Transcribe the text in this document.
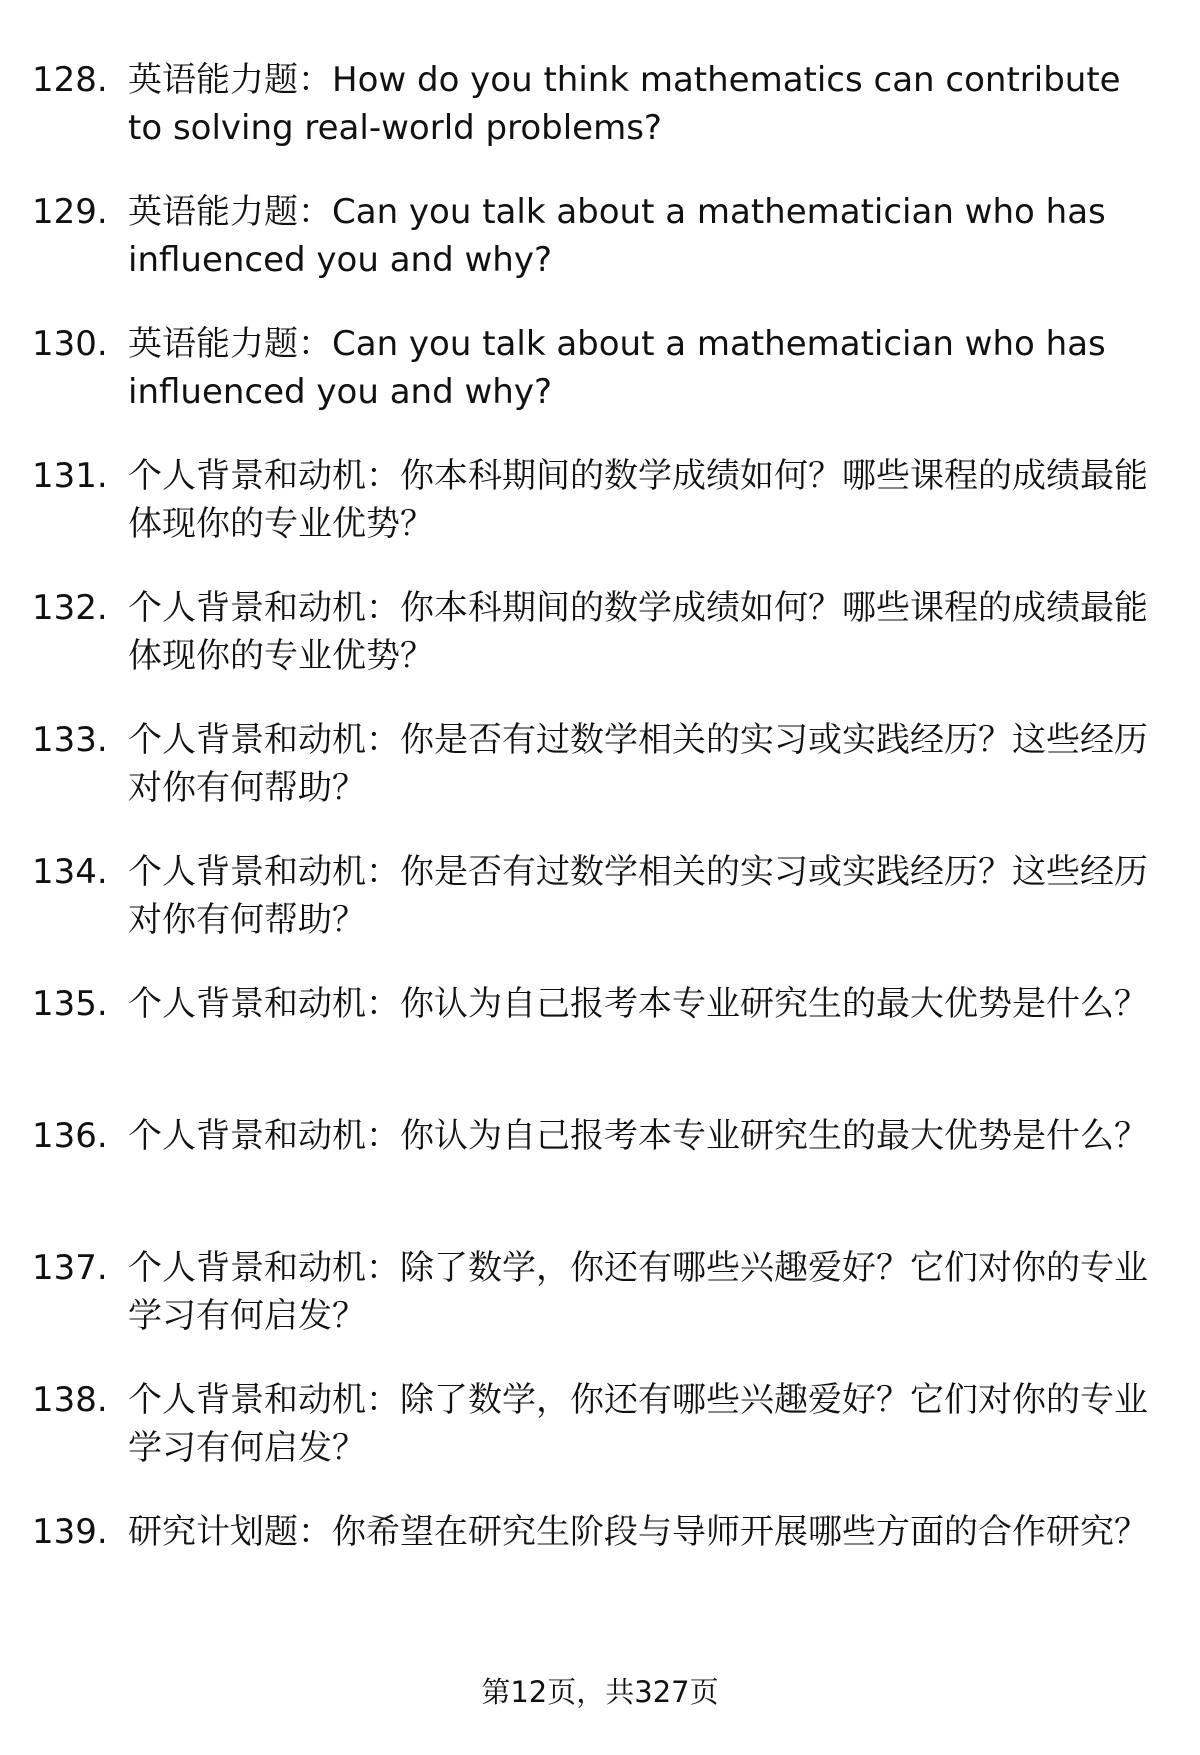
128. 英语能力题：How do you think mathematics can contribute to solving real-world problems?
129. 英语能力题：Can you talk about a mathematician who has influenced you and why?
130. 英语能力题：Can you talk about a mathematician who has influenced you and why?
131. 个人背景和动机：你本科期间的数学成绩如何？哪些课程的成绩最能体现你的专业优势？
132. 个人背景和动机：你本科期间的数学成绩如何？哪些课程的成绩最能体现你的专业优势？
133. 个人背景和动机：你是否有过数学相关的实习或实践经历？这些经历对你有何帮助？
134. 个人背景和动机：你是否有过数学相关的实习或实践经历？这些经历对你有何帮助？
135. 个人背景和动机：你认为自己报考本专业研究生的最大优势是什么？
136. 个人背景和动机：你认为自己报考本专业研究生的最大优势是什么？
137. 个人背景和动机：除了数学，你还有哪些兴趣爱好？它们对你的专业学习有何启发？
138. 个人背景和动机：除了数学，你还有哪些兴趣爱好？它们对你的专业学习有何启发？
139. 研究计划题：你希望在研究生阶段与导师开展哪些方面的合作研究？
第12页，共327页
